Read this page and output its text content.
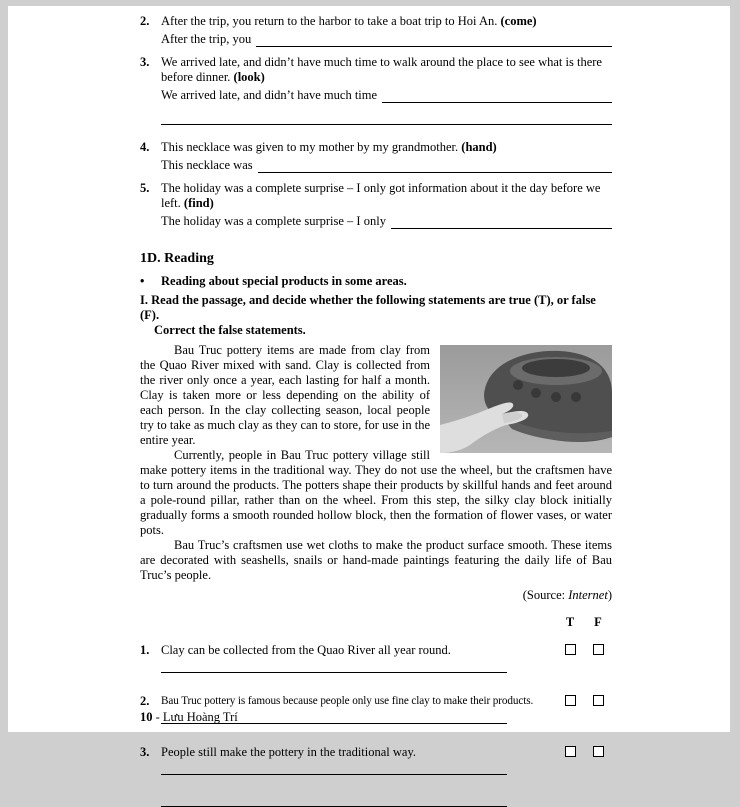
2. After the trip, you return to the harbor to take a boat trip to Hoi An. (come)
After the trip, you
3. We arrived late, and didn’t have much time to walk around the place to see what is there before dinner. (look)
We arrived late, and didn’t have much time
4. This necklace was given to my mother by my grandmother. (hand)
This necklace was
5. The holiday was a complete surprise – I only got information about it the day before we left. (find)
The holiday was a complete surprise – I only
1D. Reading
•	Reading about special products in some areas.
I. Read the passage, and decide whether the following statements are true (T), or false (F).
Correct the false statements.

Bau Truc pottery items are made from clay from the Quao River mixed with sand. Clay is collected from the river only once a year, each lasting for half a month. Clay is taken more or less depending on the ability of each person. In the clay collecting season, local people try to take as much clay as they can to store, for use in the entire year.

Currently, people in Bau Truc pottery village still make pottery items in the traditional way. They do not use the wheel, but the craftsmen have to turn around the products. The potters shape their products by skillful hands and feet around a pole-round pillar, rather than on the wheel. From this step, the silky clay block initially gradually forms a smooth rounded hollow block, then the formation of flower vases, or water pots.

Bau Truc’s craftsmen use wet cloths to make the product surface smooth. These items are decorated with seashells, snails or hand-made paintings featuring the daily life of Bau Truc’s people.

(Source: Internet)
T	F
1. Clay can be collected from the Quao River all year round.
2.	Bau Truc pottery is famous because people only use fine clay to make their products.
3. People still make the pottery in the traditional way.
10 - Lưu Hoàng Trí
